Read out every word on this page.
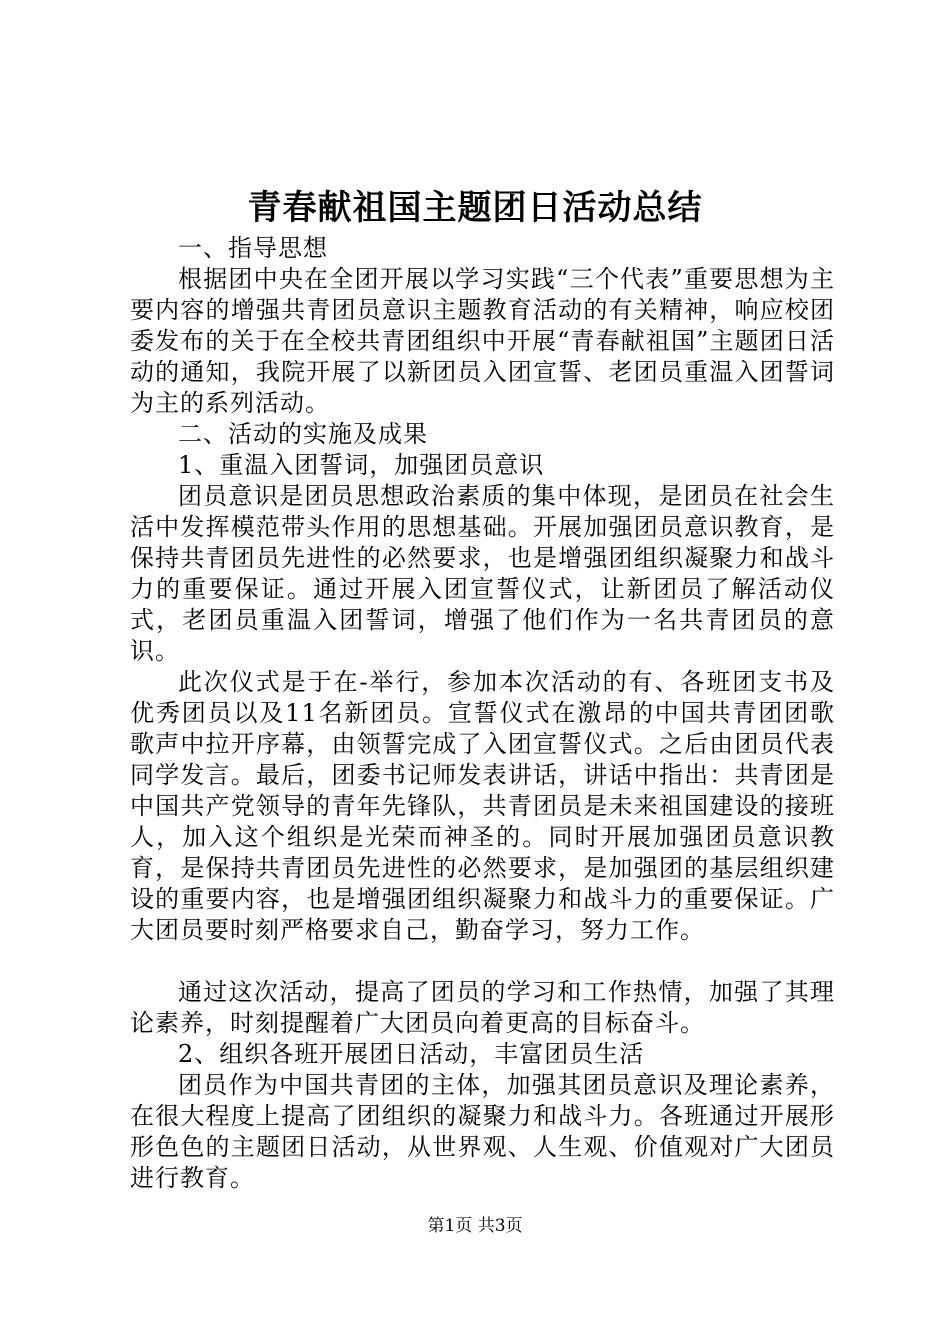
青春献祖国主题团日活动总结

一、指导思想

根据团中央在全团开展以学习实践“三个代表”重要思想为主要内容的增强共青团员意识主题教育活动的有关精神，响应校团委发布的关于在全校共青团组织中开展“青春献祖国”主题团日活动的通知，我院开展了以新团员入团宣誓、老团员重温入团誓词为主的系列活动。

二、活动的实施及成果

1、重温入团誓词，加强团员意识

团员意识是团员思想政治素质的集中体现，是团员在社会生活中发挥模范带头作用的思想基础。开展加强团员意识教育，是保持共青团员先进性的必然要求，也是增强团组织凝聚力和战斗力的重要保证。通过开展入团宣誓仪式，让新团员了解活动仪式，老团员重温入团誓词，增强了他们作为一名共青团员的意识。

此次仪式是于在-举行，参加本次活动的有、各班团支书及优秀团员以及11名新团员。宣誓仪式在激昂的中国共青团团歌歌声中拉开序幕，由领誓完成了入团宣誓仪式。之后由团员代表同学发言。最后，团委书记师发表讲话，讲话中指出：共青团是中国共产党领导的青年先锋队，共青团员是未来祖国建设的接班人，加入这个组织是光荣而神圣的。同时开展加强团员意识教育，是保持共青团员先进性的必然要求，是加强团的基层组织建设的重要内容，也是增强团组织凝聚力和战斗力的重要保证。广大团员要时刻严格要求自己，勤奋学习，努力工作。

通过这次活动，提高了团员的学习和工作热情，加强了其理论素养，时刻提醒着广大团员向着更高的目标奋斗。

2、组织各班开展团日活动，丰富团员生活

团员作为中国共青团的主体，加强其团员意识及理论素养，在很大程度上提高了团组织的凝聚力和战斗力。各班通过开展形形色色的主题团日活动，从世界观、人生观、价值观对广大团员进行教育。

第1页 共3页
